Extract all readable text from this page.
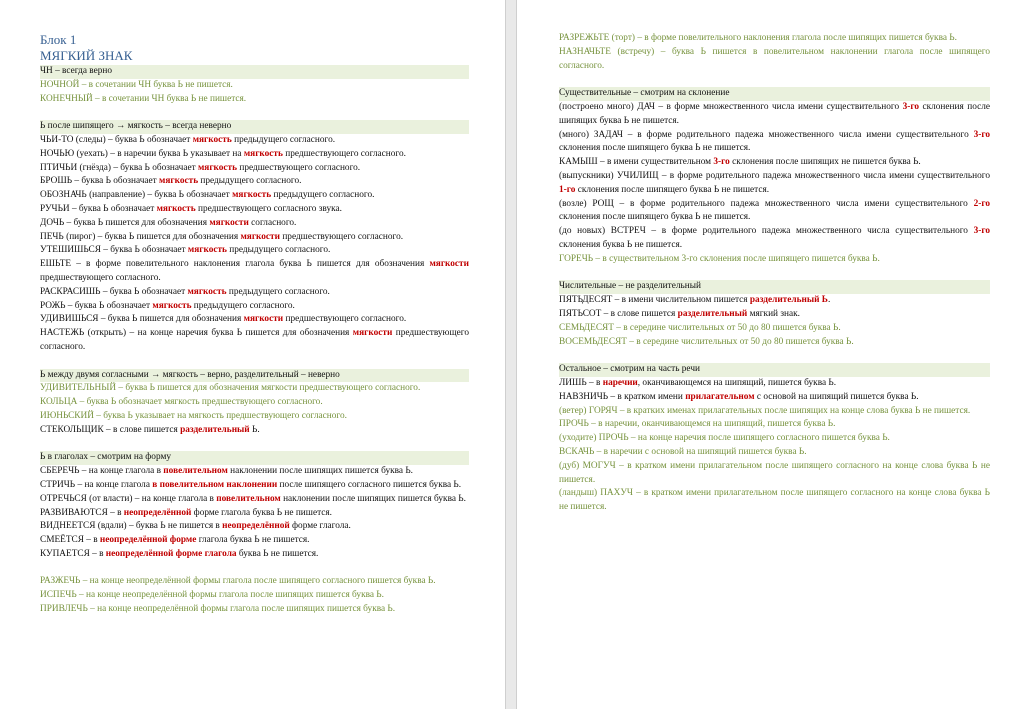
Блок 1
МЯГКИЙ ЗНАК
ЧН – всегда верно
НОЧНОЙ – в сочетании ЧН буква Ь не пишется.
КОНЕЧНЫЙ – в сочетании ЧН буква Ь не пишется.
Ь после шипящего → мягкость – всегда неверно
ЧЬИ-ТО (следы) – буква Ь обозначает мягкость предыдущего согласного.
НОЧЬЮ (уехать) – в наречии буква Ь указывает на мягкость предшествующего согласного.
ПТИЧЬИ (гнёзда) – буква Ь обозначает мягкость предшествующего согласного.
БРОШЬ – буква Ь обозначает мягкость предыдущего согласного.
ОБОЗНАЧЬ (направление) – буква Ь обозначает мягкость предыдущего согласного.
РУЧЬИ – буква Ь обозначает мягкость предшествующего согласного звука.
ДОЧЬ – буква Ь пишется для обозначения мягкости согласного.
ПЕЧЬ (пирог) – буква Ь пишется для обозначения мягкости предшествующего согласного.
УТЕШИШЬСЯ – буква Ь обозначает мягкость предыдущего согласного.
ЕШЬТЕ – в форме повелительного наклонения глагола буква Ь пишется для обозначения мягкости предшествующего согласного.
РАСКРАСИШЬ – буква Ь обозначает мягкость предыдущего согласного.
РОЖЬ – буква Ь обозначает мягкость предыдущего согласного.
УДИВИШЬСЯ – буква Ь пишется для обозначения мягкости предшествующего согласного.
НАСТЕЖЬ (открыть) – на конце наречия буква Ь пишется для обозначения мягкости предшествующего согласного.
Ь между двумя согласными → мягкость – верно, разделительный – неверно
УДИВИТЕЛЬНЫЙ – буква Ь пишется для обозначения мягкости предшествующего согласного.
КОЛЬЦА – буква Ь обозначает мягкость предшествующего согласного.
ИЮНЬСКИЙ – буква Ь указывает на мягкость предшествующего согласного.
СТЕКОЛЬЩИК – в слове пишется разделительный Ь.
Ь в глаголах – смотрим на форму
СБЕРЕЧЬ – на конце глагола в повелительном наклонении после шипящих пишется буква Ь.
СТРИЧЬ – на конце глагола в повелительном наклонении после шипящего согласного пишется буква Ь.
ОТРЕЧЬСЯ (от власти) – на конце глагола в повелительном наклонении после шипящих пишется буква Ь.
РАЗВИВАЮТСЯ – в неопределённой форме глагола буква Ь не пишется.
ВИДНЕЕТСЯ (вдали) – буква Ь не пишется в неопределённой форме глагола.
СМЕЁТСЯ – в неопределённой форме глагола буква Ь не пишется.
КУПАЕТСЯ – в неопределённой форме глагола буква Ь не пишется.
РАЗЖЕЧЬ – на конце неопределённой формы глагола после шипящего согласного пишется буква Ь.
ИСПЕЧЬ – на конце неопределённой формы глагола после шипящих пишется буква Ь.
ПРИВЛЕЧЬ – на конце неопределённой формы глагола после шипящих пишется буква Ь.
РАЗРЕЖЬТЕ (торт) – в форме повелительного наклонения глагола после шипящих пишется буква Ь.
НАЗНАЧЬТЕ (встречу) – буква Ь пишется в повелительном наклонении глагола после шипящего согласного.
Существительные – смотрим на склонение
(построено много) ДАЧ – в форме множественного числа имени существительного 3-го склонения после шипящих буква Ь не пишется.
(много) ЗАДАЧ – в форме родительного падежа множественного числа имени существительного 3-го склонения после шипящего буква Ь не пишется.
КАМЫШ – в имени существительном 3-го склонения после шипящих не пишется буква Ь.
(выпускники) УЧИЛИЩ – в форме родительного падежа множественного числа имени существительного 1-го склонения после шипящего буква Ь не пишется.
(возле) РОЩ – в форме родительного падежа множественного числа имени существительного 2-го склонения после шипящего буква Ь не пишется.
(до новых) ВСТРЕЧ – в форме родительного падежа множественного числа существительного 3-го склонения буква Ь не пишется.
ГОРЕЧЬ – в существительном 3-го склонения после шипящего пишется буква Ь.
Числительные – не разделительный
ПЯТЬДЕСЯТ – в имени числительном пишется разделительный Ь.
ПЯТЬСОТ – в слове пишется разделительный мягкий знак.
СЕМЬДЕСЯТ – в середине числительных от 50 до 80 пишется буква Ь.
ВОСЕМЬДЕСЯТ – в середине числительных от 50 до 80 пишется буква Ь.
Остальное – смотрим на часть речи
ЛИШЬ – в наречии, оканчивающемся на шипящий, пишется буква Ь.
НАВЗНИЧЬ – в кратком имени прилагательном с основой на шипящий пишется буква Ь.
(ветер) ГОРЯЧ – в кратких именах прилагательных после шипящих на конце слова буква Ь не пишется.
ПРОЧЬ – в наречии, оканчивающемся на шипящий, пишется буква Ь.
(уходите) ПРОЧЬ – на конце наречия после шипящего согласного пишется буква Ь.
ВСКАЧЬ – в наречии с основой на шипящий пишется буква Ь.
(дуб) МОГУЧ – в кратком имени прилагательном после шипящего согласного на конце слова буква Ь не пишется.
(ландыш) ПАХУЧ – в кратком имени прилагательном после шипящего согласного на конце слова буква Ь не пишется.
